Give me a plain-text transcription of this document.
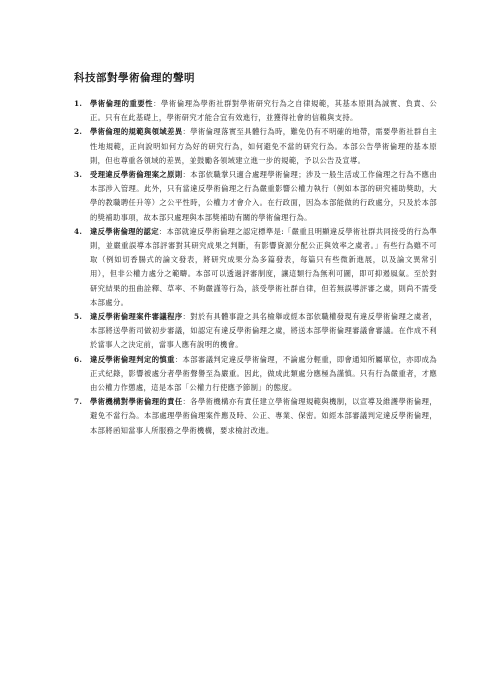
科技部對學術倫理的聲明
1. 學術倫理的重要性：學術倫理為學術社群對學術研究行為之自律規範，其基本原則為誠實、負責、公正。只有在此基礎上，學術研究才能合宜有效進行，並獲得社會的信賴與支持。
2. 學術倫理的規範與領域差異：學術倫理落實至具體行為時，難免仍有不明確的地帶，需要學術社群自主性地規範，正向說明如何方為好的研究行為，如何避免不當的研究行為。本部公告學術倫理的基本原則，但也尊重各領域的差異，並鼓勵各領域建立進一步的規範，予以公告及宣導。
3. 受理違反學術倫理案之原則：本部依職掌只適合處理學術倫理；涉及一般生活或工作倫理之行為不應由本部涉入管理。此外，只有當違反學術倫理之行為嚴重影響公權力執行（例如本部的研究補助獎助，大學的教職聘任升等）之公平性時，公權力才會介入。在行政面，因為本部能做的行政處分，只及於本部的獎補助事項，故本部只處理與本部獎補助有關的學術倫理行為。
4. 違反學術倫理的認定：本部就違反學術倫理之認定標準是:「嚴重且明顯違反學術社群共同接受的行為準則，並嚴重誤導本部評審對其研究成果之判斷，有影響資源分配公正與效率之虞者。」有些行為雖不可取（例如切香腸式的論文發表，將研究成果分為多篇發表，每篇只有些微新進展，以及論文異常引用），但非公權力處分之範疇。本部可以透過評審制度，讓這類行為無利可圖，即可抑遏風氣。至於對研究結果的扭曲詮釋、草率、不夠嚴謹等行為，該受學術社群自律，但若無誤導評審之虞，則尚不需受本部處分。
5. 違反學術倫理案件審議程序：對於有具體事證之具名檢舉或經本部依職權發現有違反學術倫理之虞者，本部將送學術司做初步審議，如認定有違反學術倫理之虞，將送本部學術倫理審議會審議。在作成不利於當事人之決定前，當事人應有說明的機會。
6. 違反學術倫理判定的慎重：本部審議判定違反學術倫理，不論處分輕重，即會通知所屬單位，亦即成為正式紀錄，影響被處分者學術聲譽至為嚴重。因此，做成此類處分應極為謹慎。只有行為嚴重者，才應由公權力作懲處，這是本部「公權力行使應予節制」的態度。
7. 學術機構對學術倫理的責任：各學術機構亦有責任建立學術倫理規範與機制，以宣導及維護學術倫理，避免不當行為。本部處理學術倫理案件應及時、公正、專業、保密。如經本部審議判定違反學術倫理，本部將函知當事人所服務之學術機構，要求檢討改進。
